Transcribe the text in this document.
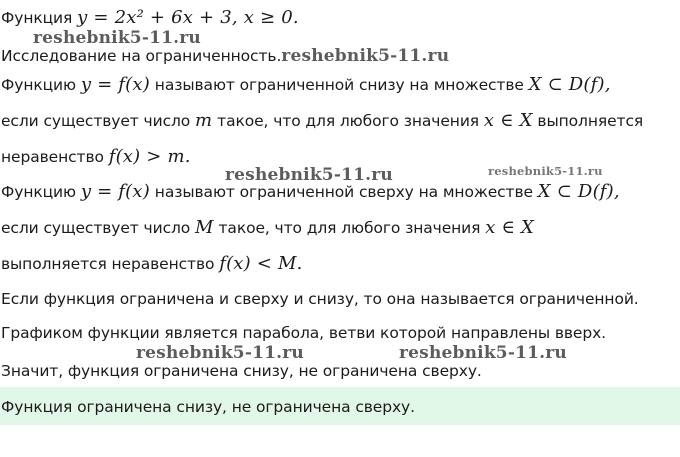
Функция y = 2x² + 6x + 3, x ≥ 0.
reshebnik5-11.ru
Исследование на ограниченность.reshebnik5-11.ru
Функцию y = f(x) называют ограниченной снизу на множестве X ⊂ D(f),
если существует число m такое, что для любого значения x ∈ X выполняется
неравенство f(x) > m.
reshebnik5-11.ru	reshebnik5-11.ru
Функцию y = f(x) называют ограниченной сверху на множестве X ⊂ D(f),
если существует число M такое, что для любого значения x ∈ X
выполняется неравенство f(x) < M.
Если функция ограничена и сверху и снизу, то она называется ограниченной.
Графиком функции является парабола, ветви которой направлены вверх.
reshebnik5-11.ru	reshebnik5-11.ru
Значит, функция ограничена снизу, не ограничена сверху.
Функция ограничена снизу, не ограничена сверху.
